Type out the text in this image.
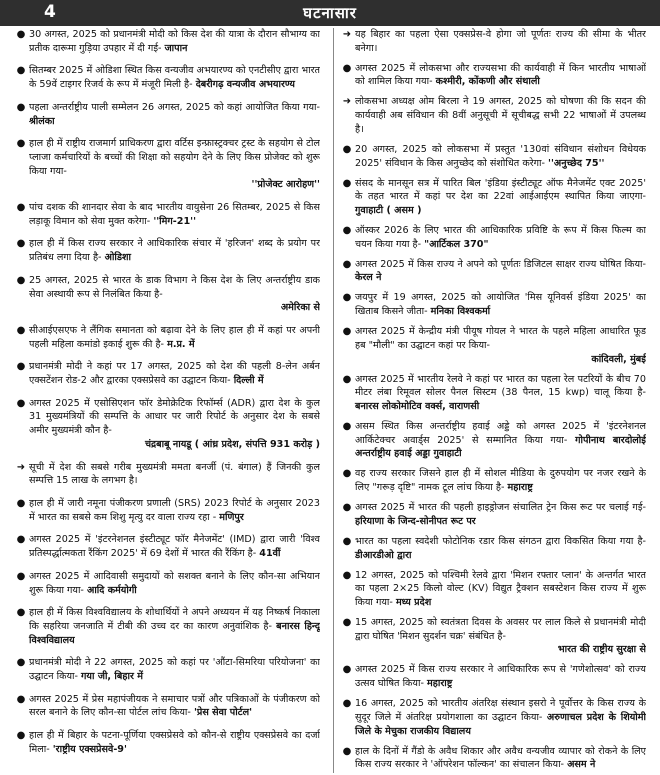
4	घटनासार
● 30 अगस्त, 2025 को प्रधानमंत्री मोदी को किस देश की यात्रा के दौरान सौभाग्य का प्रतीक दारूमा गुड़िया उपहार में दी गई- जापान
● सितम्बर 2025 में ओडिशा स्थित किस वन्यजीव अभयारण्य को एनटीसीए द्वारा भारत के 59वें टाइगर रिजर्व के रूप में मंजूरी मिली है- देबरीगढ़ वन्यजीव अभयारण्य
● पहला अन्तर्राष्ट्रीय पाली सम्मेलन 26 अगस्त, 2025 को कहां आयोजित किया गया- श्रीलंका
● हाल ही में राष्ट्रीय राजमार्ग प्राधिकरण द्वारा वर्टिस इन्फ्रास्ट्रक्चर ट्रस्ट के सहयोग से टोल प्लाजा कर्मचारियों के बच्चों की शिक्षा को सहयोग देने के लिए किस प्रोजेक्ट को शुरू किया गया-
''प्रोजेक्ट आरोहण''
● पांच दशक की शानदार सेवा के बाद भारतीय वायुसेना 26 सितम्बर, 2025 से किस लड़ाकू विमान को सेवा मुक्त करेगा- ''मिग-21''
● हाल ही में किस राज्य सरकार ने आधिकारिक संचार में 'हरिजन' शब्द के प्रयोग पर प्रतिबंध लगा दिया है- ओडिशा
● 25 अगस्त, 2025 से भारत के डाक विभाग ने किस देश के लिए अन्तर्राष्ट्रीय डाक सेवा अस्थायी रूप से निलंबित किया है-
अमेरिका से
● सीआईएसएफ ने लैंगिक समानता को बढ़ावा देने के लिए हाल ही में कहां पर अपनी पहली महिला कमांडो इकाई शुरू की है- म.प्र. में
● प्रधानमंत्री मोदी ने कहां पर 17 अगस्त, 2025 को देश की पहली 8-लेन अर्बन एक्सटेंशन रोड-2 और द्वारका एक्सप्रेसवे का उद्घाटन किया- दिल्ली में
● अगस्त 2025 में एसोसिएशन फॉर डेमोक्रेटिक रिफॉर्म्स (ADR) द्वारा देश के कुल 31 मुख्यमंत्रियों की सम्पत्ति के आधार पर जारी रिपोर्ट के अनुसार देश के सबसे अमीर मुख्यमंत्री कौन है-
चंद्रबाबू नायडू ( आंध्र प्रदेश, संपत्ति 931 करोड़ )
➜ सूची में देश की सबसे गरीब मुख्यमंत्री ममता बनर्जी (पं. बंगाल) हैं जिनकी कुल सम्पत्ति 15 लाख के लगभग है।
● हाल ही में जारी नमूना पंजीकरण प्रणाली (SRS) 2023 रिपोर्ट के अनुसार 2023 में भारत का सबसे कम शिशु मृत्यु दर वाला राज्य रहा - मणिपुर
● अगस्त 2025 में 'इंटरनेशनल इंस्टीट्यूट फॉर मैनेजमेंट' (IMD) द्वारा जारी 'विश्व प्रतिस्पर्द्धात्मकता रैंकिंग 2025' में 69 देशों में भारत की रैंकिंग है- 41वीं
● अगस्त 2025 में आदिवासी समुदायों को सशक्त बनाने के लिए कौन-सा अभियान शुरू किया गया- आदि कर्मयोगी
● हाल ही में किस विश्वविद्यालय के शोधार्थियों ने अपने अध्ययन में यह निष्कर्ष निकाला कि सहरिया जनजाति में टीबी की उच्च दर का कारण अनुवांशिक है- बनारस हिन्दू विश्वविद्यालय
● प्रधानमंत्री मोदी ने 22 अगस्त, 2025 को कहां पर 'औंटा-सिमरिया परियोजना' का उद्घाटन किया- गया जी, बिहार में
● अगस्त 2025 में प्रेस महापंजीयक ने समाचार पत्रों और पत्रिकाओं के पंजीकरण को सरल बनाने के लिए कौन-सा पोर्टल लांच किया- 'प्रेस सेवा पोर्टल'
● हाल ही में बिहार के पटना-पूर्णिया एक्सप्रेसवे को कौन-से राष्ट्रीय एक्सप्रेसवे का दर्जा मिला- 'राष्ट्रीय एक्सप्रेसवे-9'
➜ यह बिहार का पहला ऐसा एक्सप्रेस-वे होगा जो पूर्णतः राज्य की सीमा के भीतर बनेगा।
● अगस्त 2025 में लोकसभा और राज्यसभा की कार्यवाही में किन भारतीय भाषाओं को शामिल किया गया- कश्मीरी, कोंकणी और संथाली
➜ लोकसभा अध्यक्ष ओम बिरला ने 19 अगस्त, 2025 को घोषणा की कि सदन की कार्यवाही अब संविधान की 8वीं अनुसूची में सूचीबद्ध सभी 22 भाषाओं में उपलब्ध है।
● 20 अगस्त, 2025 को लोकसभा में प्रस्तुत '130वां संविधान संशोधन विधेयक 2025' संविधान के किस अनुच्छेद को संशोधित करेगा- ''अनुच्छेद 75''
● संसद के मानसून सत्र में पारित बिल 'इंडिया इंस्टीट्यूट ऑफ मैनेजमेंट एक्ट 2025' के तहत भारत में कहां पर देश का 22वां आईआईएम स्थापित किया जाएगा- गुवाहाटी ( असम )
● ऑस्कर 2026 के लिए भारत की आधिकारिक प्रविष्टि के रूप में किस फिल्म का चयन किया गया है- "आर्टिकल 370"
● अगस्त 2025 में किस राज्य ने अपने को पूर्णतः डिजिटल साक्षर राज्य घोषित किया- केरल ने
● जयपुर में 19 अगस्त, 2025 को आयोजित 'मिस यूनिवर्स इंडिया 2025' का खिताब किसने जीता- मनिका विश्वकर्मा
● अगस्त 2025 में केन्द्रीय मंत्री पीयूष गोयल ने भारत के पहले महिला आधारित फूड हब "मौली" का उद्घाटन कहां पर किया-
कांदिवली, मुंबई
● अगस्त 2025 में भारतीय रेलवे ने कहां पर भारत का पहला रेल पटरियों के बीच 70 मीटर लंबा रिमूवल सोलर पैनल सिस्टम (38 पैनल, 15 kwp) चालू किया है- बनारस लोकोमोटिव वर्क्स, वाराणसी
● असम स्थित किस अन्तर्राष्ट्रीय हवाई अड्डे को अगस्त 2025 में 'इंटरनेशनल आर्किटेक्चर अवार्ड्स 2025' से सम्मानित किया गया- गोपीनाथ बारदोलोई अन्तर्राष्ट्रीय हवाई अड्डा गुवाहाटी
● वह राज्य सरकार जिसने हाल ही में सोशल मीडिया के दुरुपयोग पर नजर रखने के लिए "गरूड़ दृष्टि" नामक टूल लांच किया है- महाराष्ट्र
● अगस्त 2025 में भारत की पहली हाइड्रोजन संचालित ट्रेन किस रूट पर चलाई गई- हरियाणा के जिन्द-सोनीपत रूट पर
● भारत का पहला स्वदेशी फोटोनिक रडार किस संगठन द्वारा विकसित किया गया है- डीआरडीओ द्वारा
● 12 अगस्त, 2025 को पश्चिमी रेलवे द्वारा 'मिशन रफ्तार प्लान' के अन्तर्गत भारत का पहला 2×25 किलो वोल्ट (KV) विद्युत ट्रैक्शन सबस्टेशन किस राज्य में शुरू किया गया- मध्य प्रदेश
● 15 अगस्त, 2025 को स्वतंत्रता दिवस के अवसर पर लाल किले से प्रधानमंत्री मोदी द्वारा घोषित 'मिशन सुदर्शन चक्र' संबंधित है-
भारत की राष्ट्रीय सुरक्षा से
● अगस्त 2025 में किस राज्य सरकार ने आधिकारिक रूप से 'गणेशोत्सव' को राज्य उत्सव घोषित किया- महाराष्ट्र
● 16 अगस्त, 2025 को भारतीय अंतरिक्ष संस्थान इसरो ने पूर्वोत्तर के किस राज्य के सुदूर जिले में अंतरिक्ष प्रयोगशाला का उद्घाटन किया- अरुणाचल प्रदेश के शियोमी जिले के मेचुका राजकीय विद्यालय
● हाल के दिनों में गैंडो के अवैध शिकार और अवैध वन्यजीव व्यापार को रोकने के लिए किस राज्य सरकार ने 'ऑपरेशन फॉल्कन' का संचालन किया- असम ने
